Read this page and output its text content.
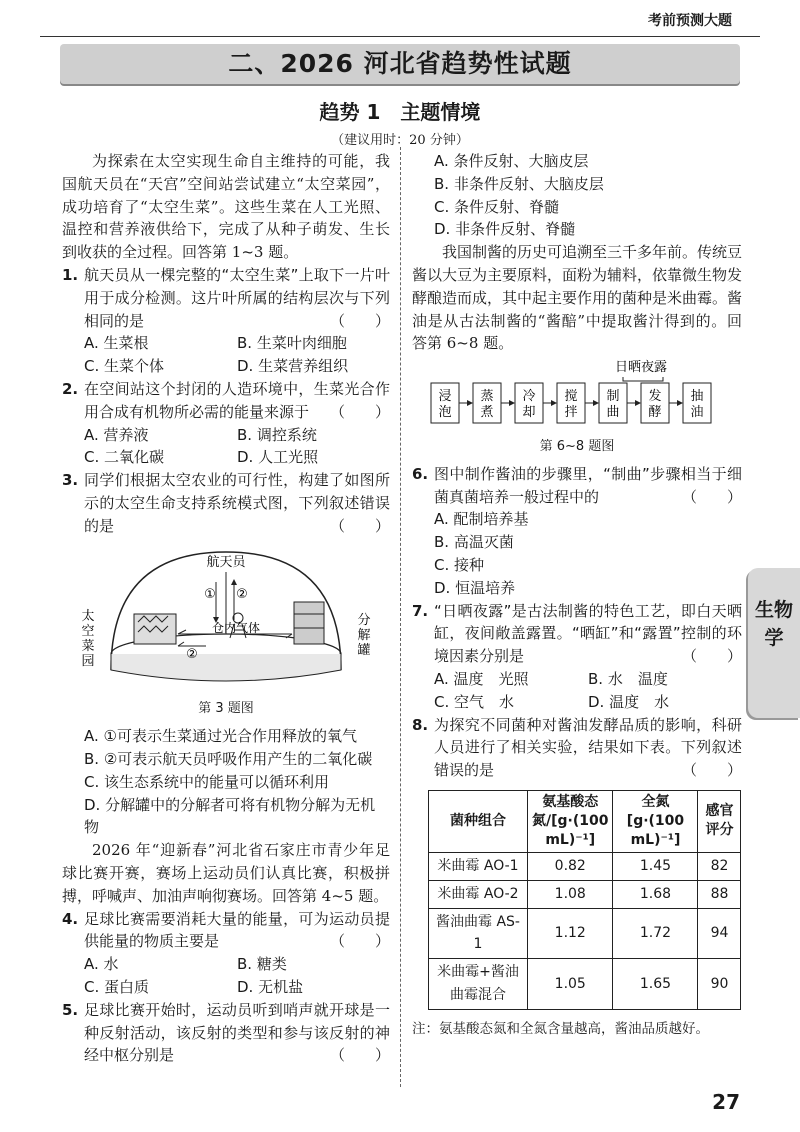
考前预测大题
二、2026 河北省趋势性试题
趋势 1　主题情境
（建议用时：20 分钟）

为探索在太空实现生命自主维持的可能，我国航天员在“天宫”空间站尝试建立“太空菜园”，成功培育了“太空生菜”。这些生菜在人工光照、温控和营养液供给下，完成了从种子萌发、生长到收获的全过程。回答第 1~3 题。

1. 航天员从一棵完整的“太空生菜”上取下一片叶用于成分检测。这片叶所属的结构层次与下列相同的是	（　　）
A. 生菜根	B. 生菜叶肉细胞
C. 生菜个体	D. 生菜营养组织
2. 在空间站这个封闭的人造环境中，生菜光合作用合成有机物所必需的能量来源于 （　　）
A. 营养液	B. 调控系统
C. 二氧化碳	D. 人工光照
3. 同学们根据太空农业的可行性，构建了如图所示的太空生命支持系统模式图，下列叙述错误的是	（　　）
航天员
① ②
仓内气体
②
太
空
菜
园
分
解
罐
第 3 题图
A. ①可表示生菜通过光合作用释放的氧气
B. ②可表示航天员呼吸作用产生的二氧化碳
C. 该生态系统中的能量可以循环利用
D. 分解罐中的分解者可将有机物分解为无机物

2026 年“迎新春”河北省石家庄市青少年足球比赛开赛，赛场上运动员们认真比赛，积极拼搏，呼喊声、加油声响彻赛场。回答第 4~5 题。

4. 足球比赛需要消耗大量的能量，可为运动员提供能量的物质主要是	（　　）
A. 水	B. 糖类
C. 蛋白质	D. 无机盐
5. 足球比赛开始时，运动员听到哨声就开球是一种反射活动，该反射的类型和参与该反射的神经中枢分别是	（　　）
A. 条件反射、大脑皮层
B. 非条件反射、大脑皮层
C. 条件反射、脊髓
D. 非条件反射、脊髓

我国制酱的历史可追溯至三千多年前。传统豆酱以大豆为主要原料，面粉为辅料，依靠微生物发酵酿造而成，其中起主要作用的菌种是米曲霉。酱油是从古法制酱的“酱醅”中提取酱汁得到的。回答第 6~8 题。

日晒夜露
浸
泡
蒸
煮
冷
却
搅
拌
制
曲
发
酵
抽
油
第 6~8 题图
6. 图中制作酱油的步骤里，“制曲”步骤相当于细菌真菌培养一般过程中的	（　　）
A. 配制培养基
B. 高温灭菌
C. 接种
D. 恒温培养
7. “日晒夜露”是古法制酱的特色工艺，即白天晒缸，夜间敞盖露置。“晒缸”和“露置”控制的环境因素分别是	（　　）
A. 温度　光照	B. 水　温度
C. 空气　水	D. 温度　水
8. 为探究不同菌种对酱油发酵品质的影响，科研人员进行了相关实验，结果如下表。下列叙述错误的是	（　　）
菌种组合	氨基酸态氮/[g·(100 mL)⁻¹]	全氮[g·(100 mL)⁻¹]	感官评分
米曲霉 AO-1	0.82	1.45	82
米曲霉 AO-2	1.08	1.68	88
酱油曲霉 AS-1	1.12	1.72	94
米曲霉+酱油曲霉混合	1.05	1.65	90
注：氨基酸态氮和全氮含量越高，酱油品质越好。
生物学
27
